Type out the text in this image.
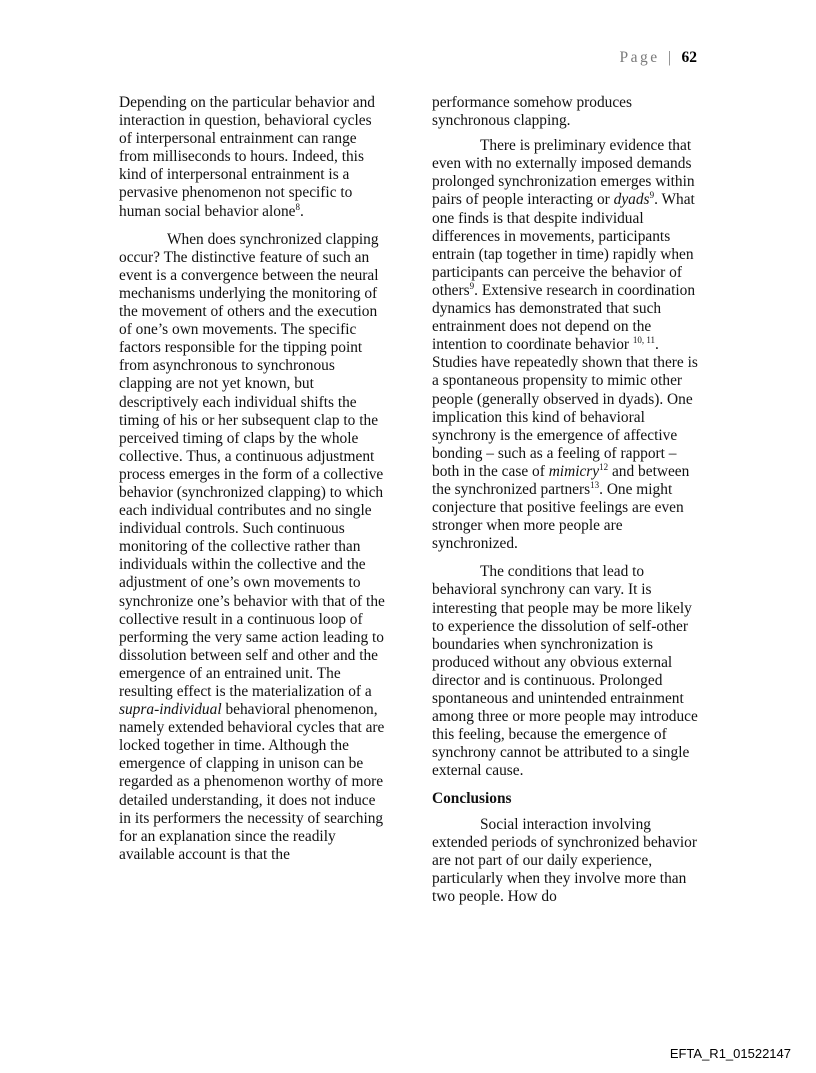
Page | 62

Depending on the particular behavior and interaction in question, behavioral cycles of interpersonal entrainment can range from milliseconds to hours. Indeed, this kind of interpersonal entrainment is a pervasive phenomenon not specific to human social behavior alone$^8$.

When does synchronized clapping occur? The distinctive feature of such an event is a convergence between the neural mechanisms underlying the monitoring of the movement of others and the execution of one’s own movements. The specific factors responsible for the tipping point from asynchronous to synchronous clapping are not yet known, but descriptively each individual shifts the timing of his or her subsequent clap to the perceived timing of claps by the whole collective. Thus, a continuous adjustment process emerges in the form of a collective behavior (synchronized clapping) to which each individual contributes and no single individual controls. Such continuous monitoring of the collective rather than individuals within the collective and the adjustment of one’s own movements to synchronize one’s behavior with that of the collective result in a continuous loop of performing the very same action leading to dissolution between self and other and the emergence of an entrained unit. The resulting effect is the materialization of a supra-individual behavioral phenomenon, namely extended behavioral cycles that are locked together in time. Although the emergence of clapping in unison can be regarded as a phenomenon worthy of more detailed understanding, it does not induce in its performers the necessity of searching for an explanation since the readily available account is that the

performance somehow produces synchronous clapping.

There is preliminary evidence that even with no externally imposed demands prolonged synchronization emerges within pairs of people interacting or dyads$^9$. What one finds is that despite individual differences in movements, participants entrain (tap together in time) rapidly when participants can perceive the behavior of others$^9$. Extensive research in coordination dynamics has demonstrated that such entrainment does not depend on the intention to coordinate behavior $^{10, 11}$. Studies have repeatedly shown that there is a spontaneous propensity to mimic other people (generally observed in dyads). One implication this kind of behavioral synchrony is the emergence of affective bonding – such as a feeling of rapport – both in the case of mimicry$^{12}$ and between the synchronized partners$^{13}$. One might conjecture that positive feelings are even stronger when more people are synchronized.

The conditions that lead to behavioral synchrony can vary. It is interesting that people may be more likely to experience the dissolution of self-other boundaries when synchronization is produced without any obvious external director and is continuous. Prolonged spontaneous and unintended entrainment among three or more people may introduce this feeling, because the emergence of synchrony cannot be attributed to a single external cause.

Conclusions

Social interaction involving extended periods of synchronized behavior are not part of our daily experience, particularly when they involve more than two people. How do

EFTA_R1_01522147
